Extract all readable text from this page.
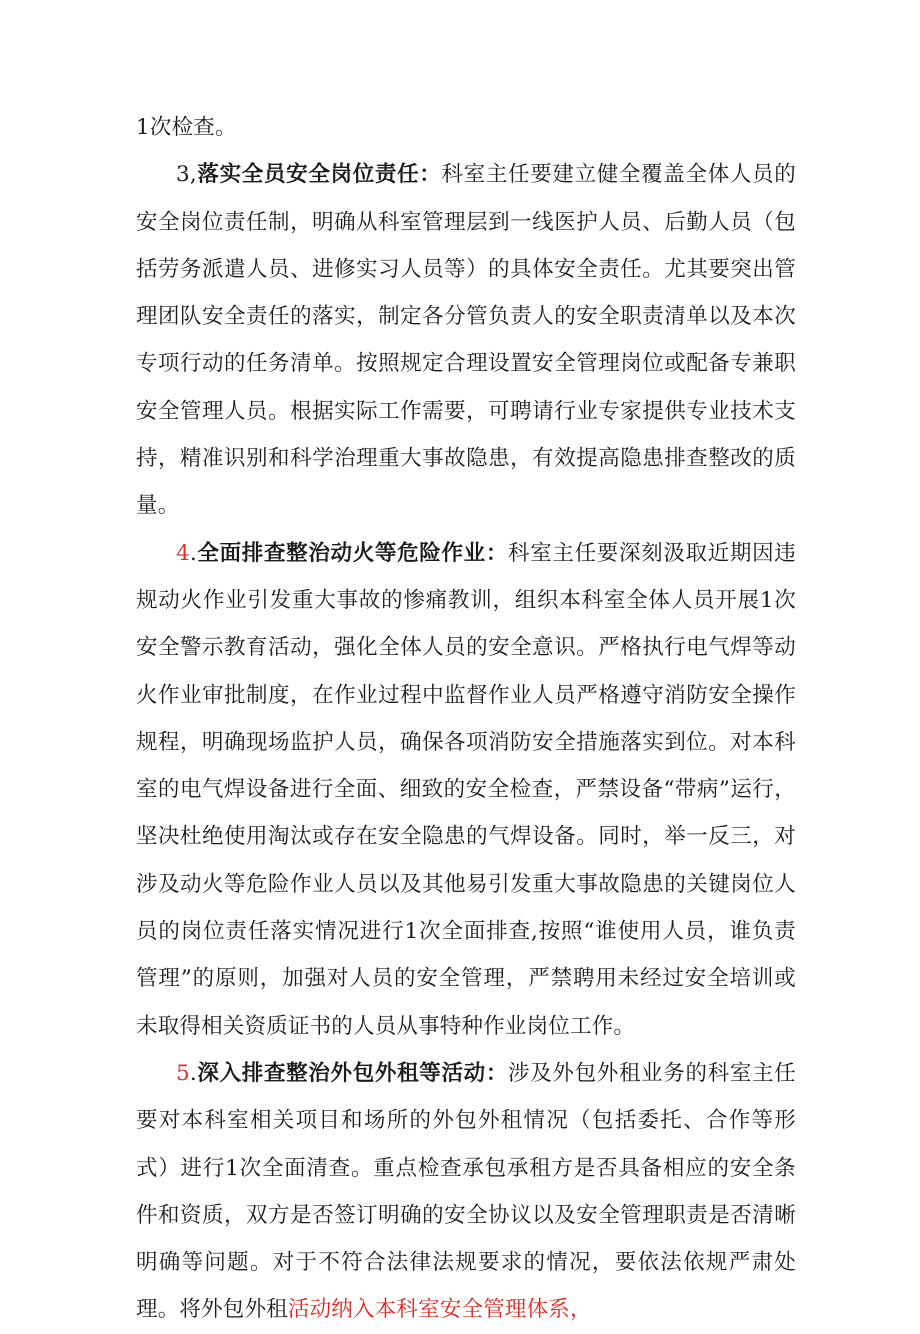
1次检查。

3,落实全员安全岗位责任：科室主任要建立健全覆盖全体人员的安全岗位责任制，明确从科室管理层到一线医护人员、后勤人员（包括劳务派遣人员、进修实习人员等）的具体安全责任。尤其要突出管理团队安全责任的落实，制定各分管负责人的安全职责清单以及本次专项行动的任务清单。按照规定合理设置安全管理岗位或配备专兼职安全管理人员。根据实际工作需要，可聘请行业专家提供专业技术支持，精准识别和科学治理重大事故隐患，有效提高隐患排查整改的质量。

4.全面排查整治动火等危险作业：科室主任要深刻汲取近期因违规动火作业引发重大事故的惨痛教训，组织本科室全体人员开展1次安全警示教育活动，强化全体人员的安全意识。严格执行电气焊等动火作业审批制度，在作业过程中监督作业人员严格遵守消防安全操作规程，明确现场监护人员，确保各项消防安全措施落实到位。对本科室的电气焊设备进行全面、细致的安全检查，严禁设备“带病”运行，坚决杜绝使用淘汰或存在安全隐患的气焊设备。同时，举一反三，对涉及动火等危险作业人员以及其他易引发重大事故隐患的关键岗位人员的岗位责任落实情况进行1次全面排查,按照“谁使用人员，谁负责管理”的原则，加强对人员的安全管理，严禁聘用未经过安全培训或未取得相关资质证书的人员从事特种作业岗位工作。

5.深入排查整治外包外租等活动：涉及外包外租业务的科室主任要对本科室相关项目和场所的外包外租情况（包括委托、合作等形式）进行1次全面清查。重点检查承包承租方是否具备相应的安全条件和资质，双方是否签订明确的安全协议以及安全管理职责是否清晰明确等问题。对于不符合法律法规要求的情况，要依法依规严肃处理。将外包外租活动纳入本科室安全管理体系，
